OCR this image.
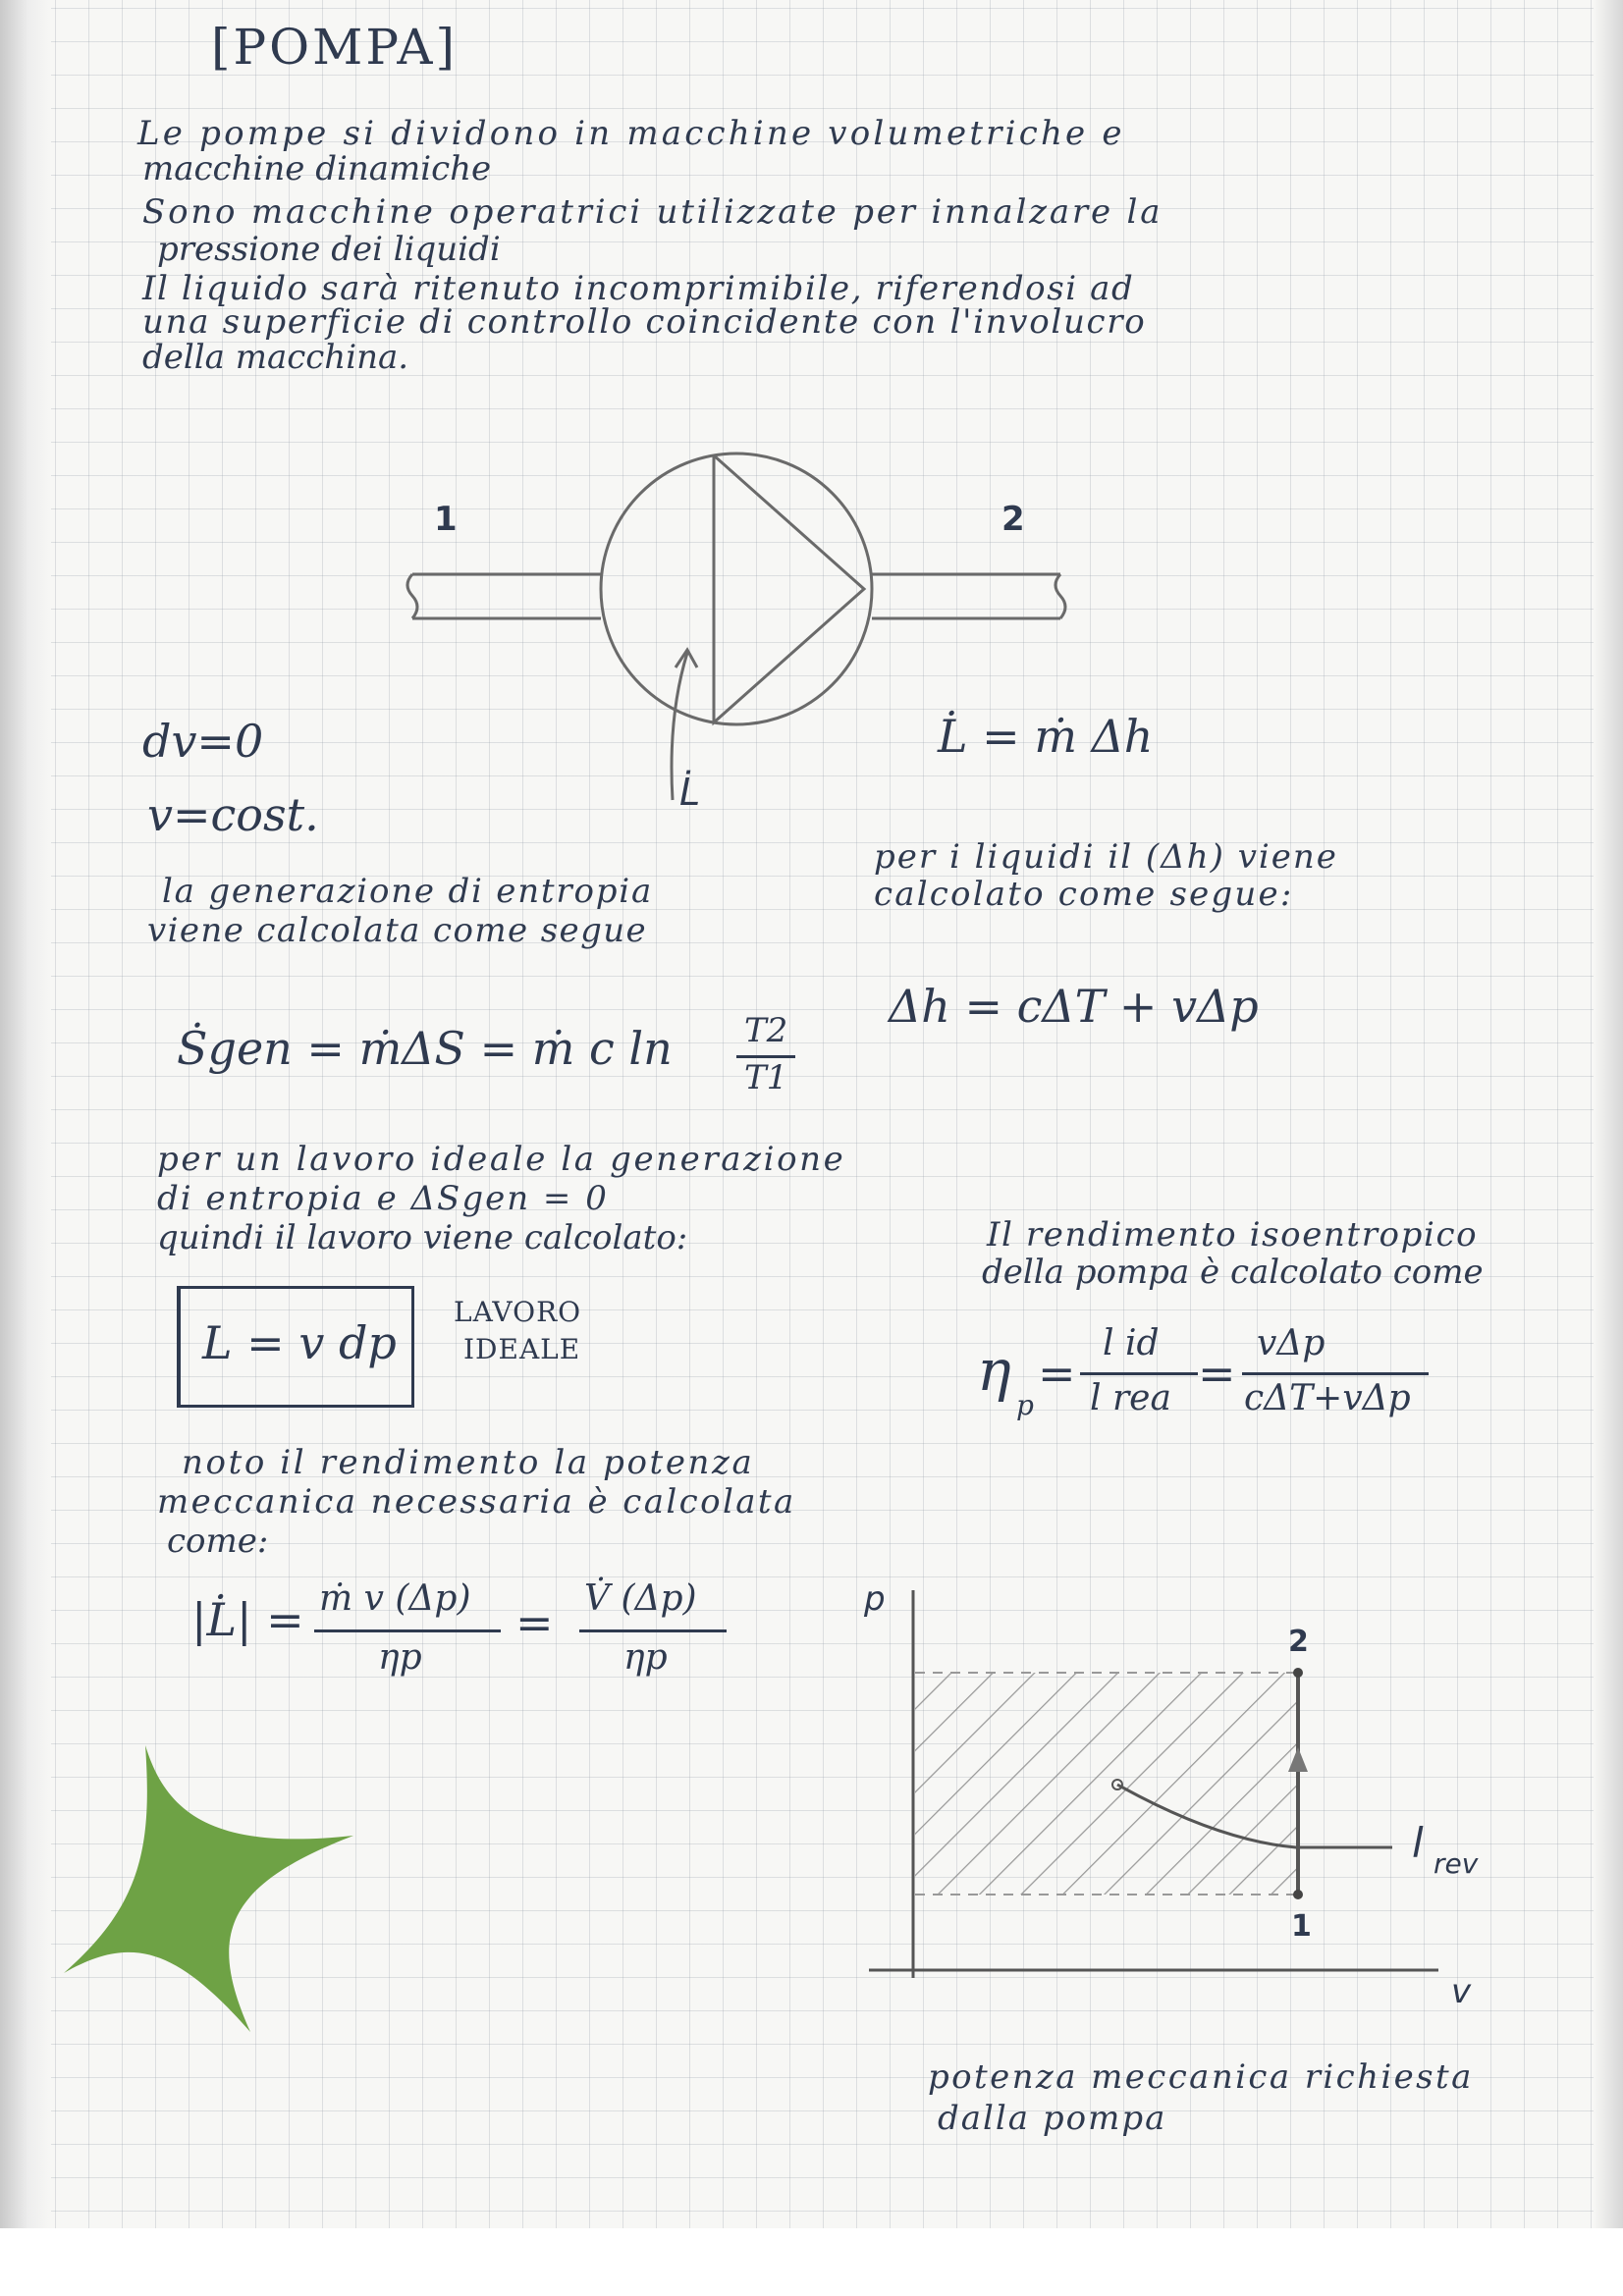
[POMPA]
Le pompe si dividono in macchine volumetriche e
macchine dinamiche
Sono macchine operatrici utilizzate per innalzare la
pressione dei liquidi
Il liquido sarà ritenuto incomprimibile, riferendosi ad
una superficie di controllo coincidente con l'involucro
della macchina.
1	2
L̇
dv=0
v=cost.
L̇ = ṁ Δh
la generazione di entropia
viene calcolata come segue
per i liquidi il (Δh) viene
calcolato come segue:
Δh = cΔT + vΔp
Ṡgen = ṁΔS = ṁ c ln T2
T1
per un lavoro ideale la generazione
di entropia e ΔSgen = 0
quindi il lavoro viene calcolato:	Il rendimento isoentropico
della pompa è calcolato come
L = v dp
LAVORO
IDEALE	η
p
=
l id
l rea =
vΔp
cΔT+vΔp
noto il rendimento la potenza
meccanica necessaria è calcolata
come:
|L̇| = ṁ v (Δp)
ηp
= V̇ (Δp)
ηp
p
v
2
1
l rev
potenza meccanica richiesta
dalla pompa
